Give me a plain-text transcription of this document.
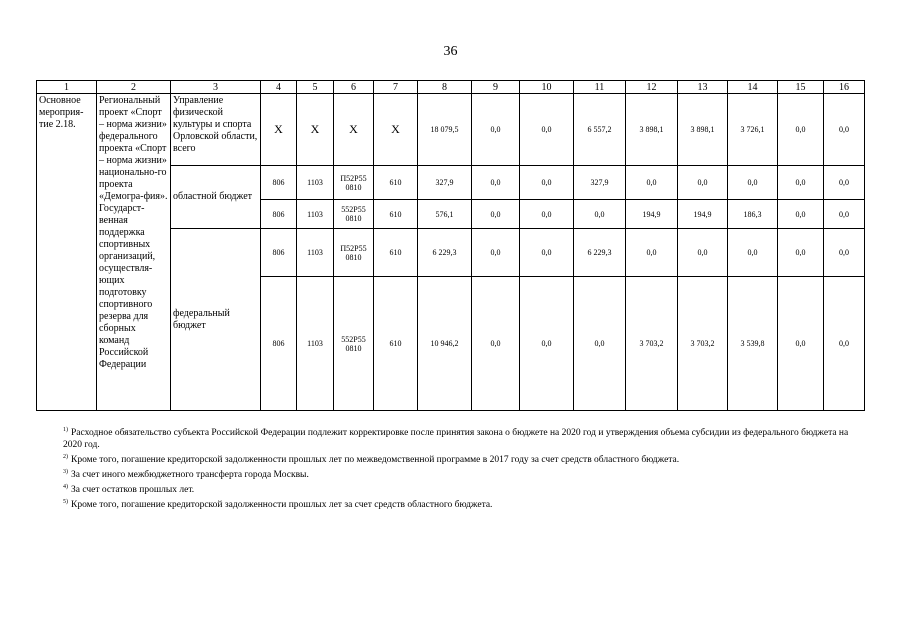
36
1	2	3	4	5	6	7	8	9	10	11	12	13	14	15	16
Основное мероприя-тие 2.18.	Региональный проект «Спорт – норма жизни» федерального проекта «Спорт – норма жизни» национально-го проекта «Демогра-фия». Государст-венная поддержка спортивных организаций, осуществля-ющих подготовку спортивного резерва для сборных команд Российской Федерации	Управление физической культуры и спорта Орловской области, всего	Х	Х	Х	Х	18 079,5	0,0	0,0	6 557,2	3 898,1	3 898,1	3 726,1	0,0	0,0
		областной бюджет	806	1103	П52Р55 0810	610	327,9	0,0	0,0	327,9	0,0	0,0	0,0	0,0	0,0
			806	1103	552Р55 0810	610	576,1	0,0	0,0	0,0	194,9	194,9	186,3	0,0	0,0
		федеральный бюджет	806	1103	П52Р55 0810	610	6 229,3	0,0	0,0	6 229,3	0,0	0,0	0,0	0,0	0,0
			806	1103	552Р55 0810	610	10 946,2	0,0	0,0	0,0	3 703,2	3 703,2	3 539,8	0,0	0,0

$^{1)}$ Расходное обязательство субъекта Российской Федерации подлежит корректировке после принятия закона о бюджете на 2020 год и утверждения объема субсидии из федерального бюджета на 2020 год.

$^{2)}$ Кроме того, погашение кредиторской задолженности прошлых лет по межведомственной программе в 2017 году за счет средств областного бюджета.

$^{3)}$ За счет иного межбюджетного трансферта города Москвы.

$^{4)}$ За счет остатков прошлых лет.

$^{5)}$ Кроме того, погашение кредиторской задолженности прошлых лет за счет средств областного бюджета.
